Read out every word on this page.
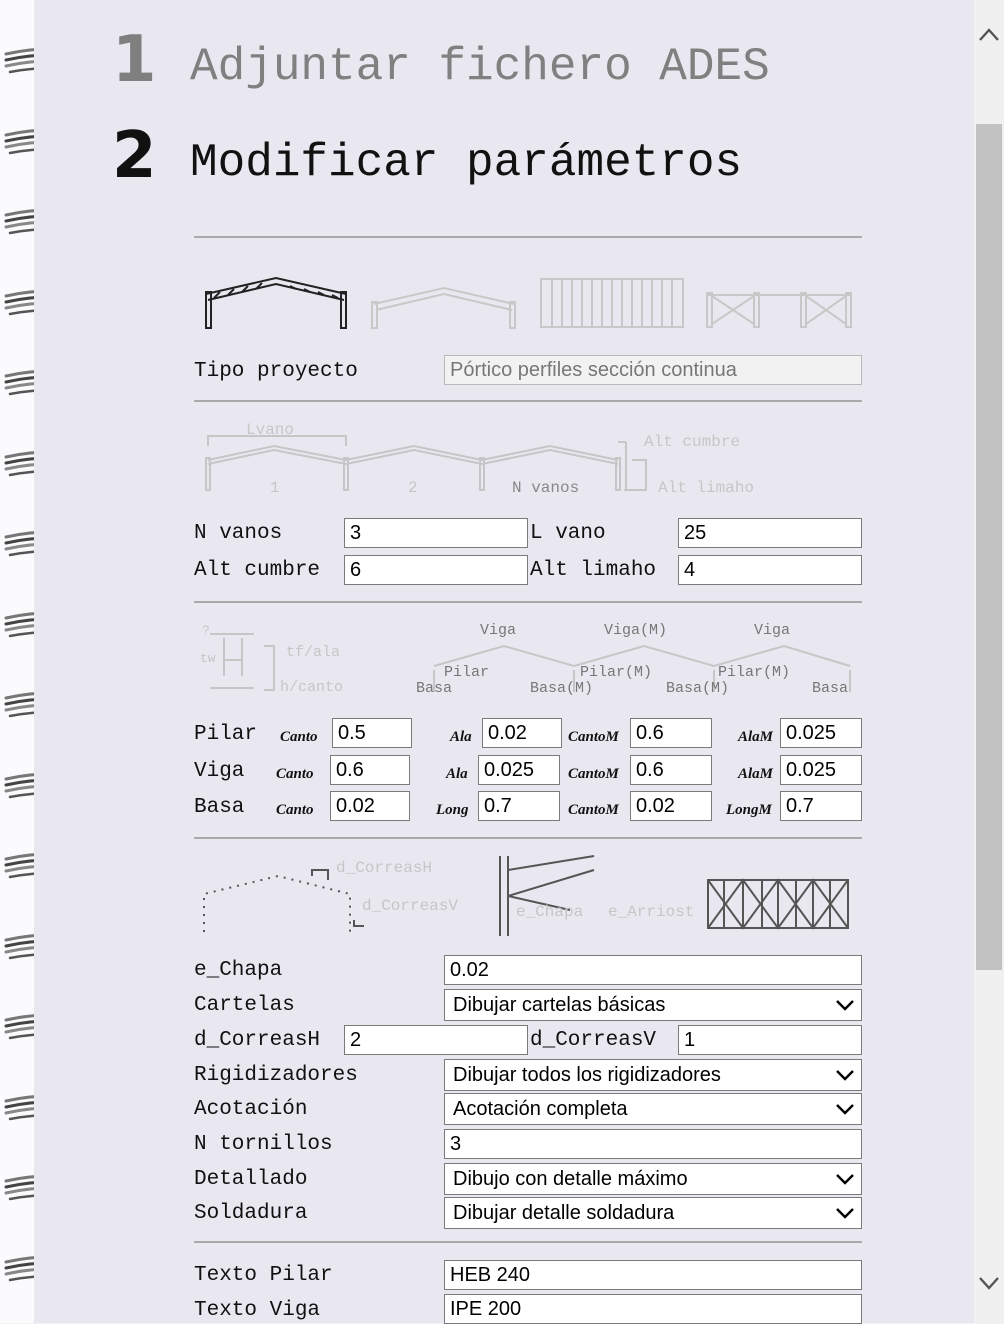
1 Adjuntar fichero ADES
2 Modificar parámetros
Tipo proyecto	Pórtico perfiles sección continua
Lvano
Alt cumbre
Alt limaho
1	2	N vanos
N vanos	3	L vano	25
Alt cumbre	6	Alt limaho	4
?
tw	tf/ala
h/canto
Viga	Viga(M)	Viga
Pilar	Pilar(M)	Pilar(M)
Basa	Basa(M)	Basa(M)	Basa
Pilar Canto	0.5	Ala 0.02	CantoM 0.6	AlaM 0.025
Viga Canto	0.6	Ala 0.025	CantoM 0.6	AlaM 0.025
Basa Canto	0.02	Long 0.7	CantoM 0.02	LongM 0.7
d_CorreasH
d_CorreasV	e_Chapa e_Arriost
e_Chapa	0.02
Cartelas	Dibujar cartelas básicas
d_CorreasH	2	d_CorreasV	1
Rigidizadores	Dibujar todos los rigidizadores
Acotación	Acotación completa
N tornillos	3
Detallado	Dibujo con detalle máximo
Soldadura	Dibujar detalle soldadura
Texto Pilar	HEB 240
Texto Viga	IPE 200
